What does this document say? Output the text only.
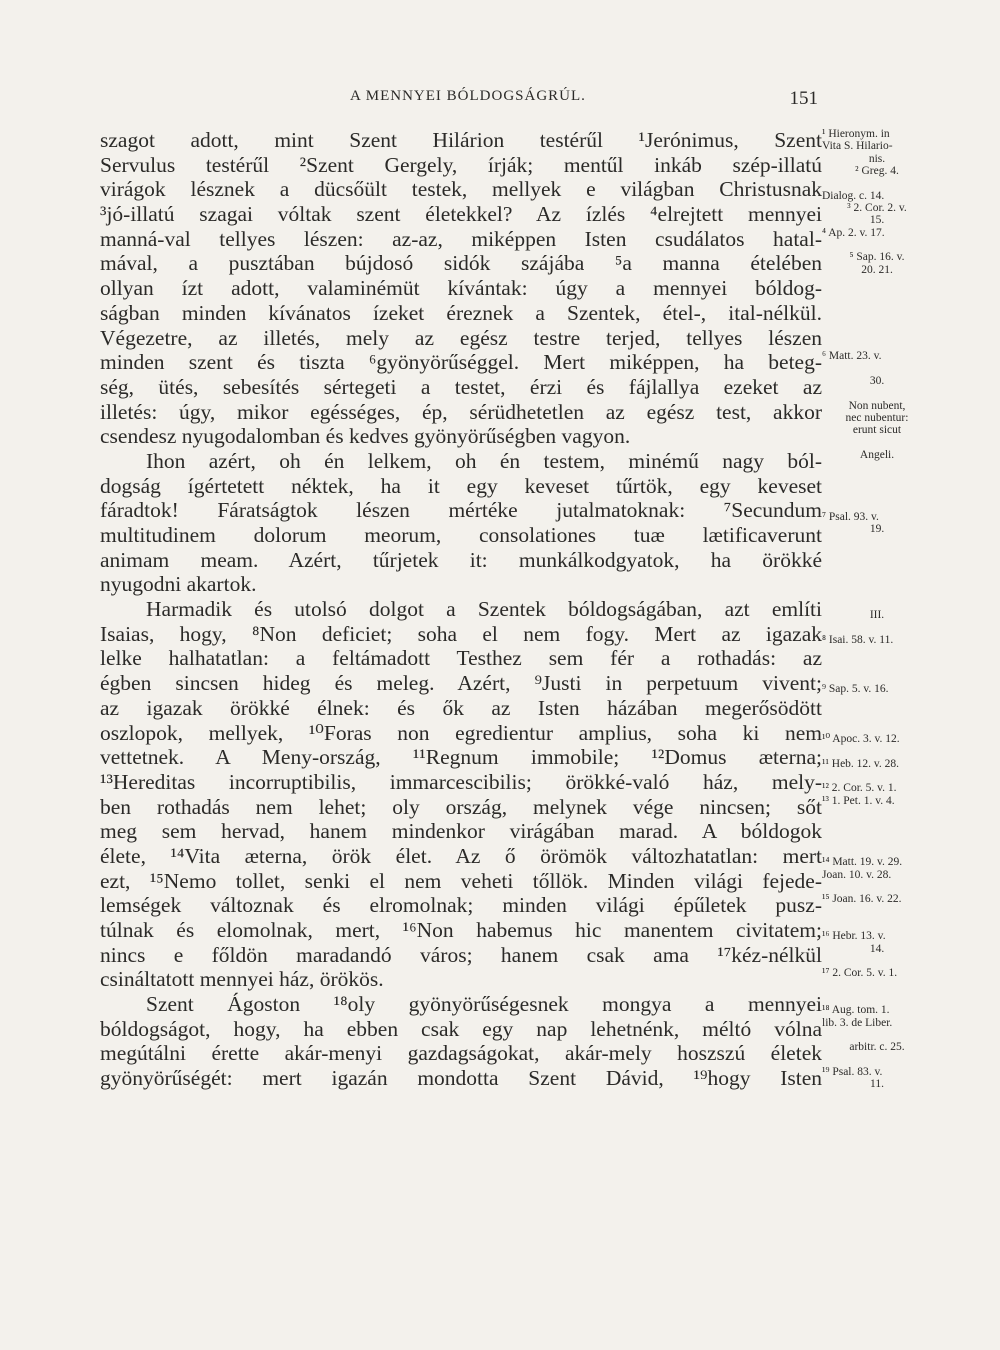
A MENNYEI BÓLDOGSÁGRÚL.	151
szagot adott, mint Szent Hilárion testérűl ¹Jerónimus, Szent
Servulus testérűl ²Szent Gergely, írják; mentűl inkáb szép-illatú
virágok lésznek a dücsőült testek, mellyek e világban Christusnak
³jó-illatú szagai vóltak szent életekkel? Az ízlés ⁴elrejtett mennyei
manná-val tellyes lészen: az-az, miképpen Isten csudálatos hatal-
mával, a pusztában bújdosó sidók szájába ⁵a manna ételében
ollyan ízt adott, valaminémüt kívántak: úgy a mennyei bóldog-
ságban minden kívánatos ízeket éreznek a Szentek, étel-, ital-nélkül.
Végezetre, az illetés, mely az egész testre terjed, tellyes lészen
minden szent és tiszta ⁶gyönyörűséggel. Mert miképpen, ha beteg-
ség, ütés, sebesítés sértegeti a testet, érzi és fájlallya ezeket az
illetés: úgy, mikor egésséges, ép, sérüdhetetlen az egész test, akkor
csendesz nyugodalomban és kedves gyönyörűségben vagyon.
Ihon azért, oh én lelkem, oh én testem, minémű nagy ból-
dogság ígértetett néktek, ha it egy keveset tűrtök, egy keveset
fáradtok! Fáratságtok lészen mértéke jutalmatoknak: ⁷Secundum
multitudinem dolorum meorum, consolationes tuæ lætificaverunt
animam meam. Azért, tűrjetek it: munkálkodgyatok, ha örökké
nyugodni akartok.
Harmadik és utolsó dolgot a Szentek bóldogságában, azt említi
Isaias, hogy, ⁸Non deficiet; soha el nem fogy. Mert az igazak
lelke halhatatlan: a feltámadott Testhez sem fér a rothadás: az
égben sincsen hideg és meleg. Azért, ⁹Justi in perpetuum vivent;
az igazak örökké élnek: és ők az Isten házában megerősödött
oszlopok, mellyek, ¹⁰Foras non egredientur amplius, soha ki nem
vettetnek. A Meny-ország, ¹¹Regnum immobile; ¹²Domus æterna;
¹³Hereditas incorruptibilis, immarcescibilis; örökké-való ház, mely-
ben rothadás nem lehet; oly ország, melynek vége nincsen; sőt
meg sem hervad, hanem mindenkor virágában marad. A bóldogok
élete, ¹⁴Vita æterna, örök élet. Az ő örömök változhatatlan: mert
ezt, ¹⁵Nemo tollet, senki el nem veheti tőllök. Minden világi fejede-
lemségek változnak és elromolnak; minden világi épűletek pusz-
túlnak és elomolnak, mert, ¹⁶Non habemus hic manentem civitatem;
nincs e főldön maradandó város; hanem csak ama ¹⁷kéz-nélkül
csináltatott mennyei ház, örökös.
Szent Ágoston ¹⁸oly gyönyörűségesnek mongya a mennyei
bóldogságot, hogy, ha ebben csak egy nap lehetnénk, méltó vólna
megútálni érette akár-menyi gazdagságokat, akár-mely hoszszú életek
gyönyörűségét: mert igazán mondotta Szent Dávid, ¹⁹hogy Isten
¹ Hieronym. in
Vita S. Hilario-
nis.
² Greg. 4.
Dialog. c. 14.
³ 2. Cor. 2. v.
15.
⁴ Ap. 2. v. 17.
⁵ Sap. 16. v.
20. 21.
⁶ Matt. 23. v.
30.
Non nubent,
nec nubentur:
erunt sicut
Angeli.
⁷ Psal. 93. v.
19.
III.
⁸ Isai. 58. v. 11.
⁹ Sap. 5. v. 16.
¹⁰ Apoc. 3. v. 12.
¹¹ Heb. 12. v. 28.
¹² 2. Cor. 5. v. 1.
¹³ 1. Pet. 1. v. 4.
¹⁴ Matt. 19. v. 29.
Joan. 10. v. 28.
¹⁵ Joan. 16. v. 22.
¹⁶ Hebr. 13. v.
14.
¹⁷ 2. Cor. 5. v. 1.
¹⁸ Aug. tom. 1.
lib. 3. de Liber.
arbitr. c. 25.
¹⁹ Psal. 83. v.
11.
